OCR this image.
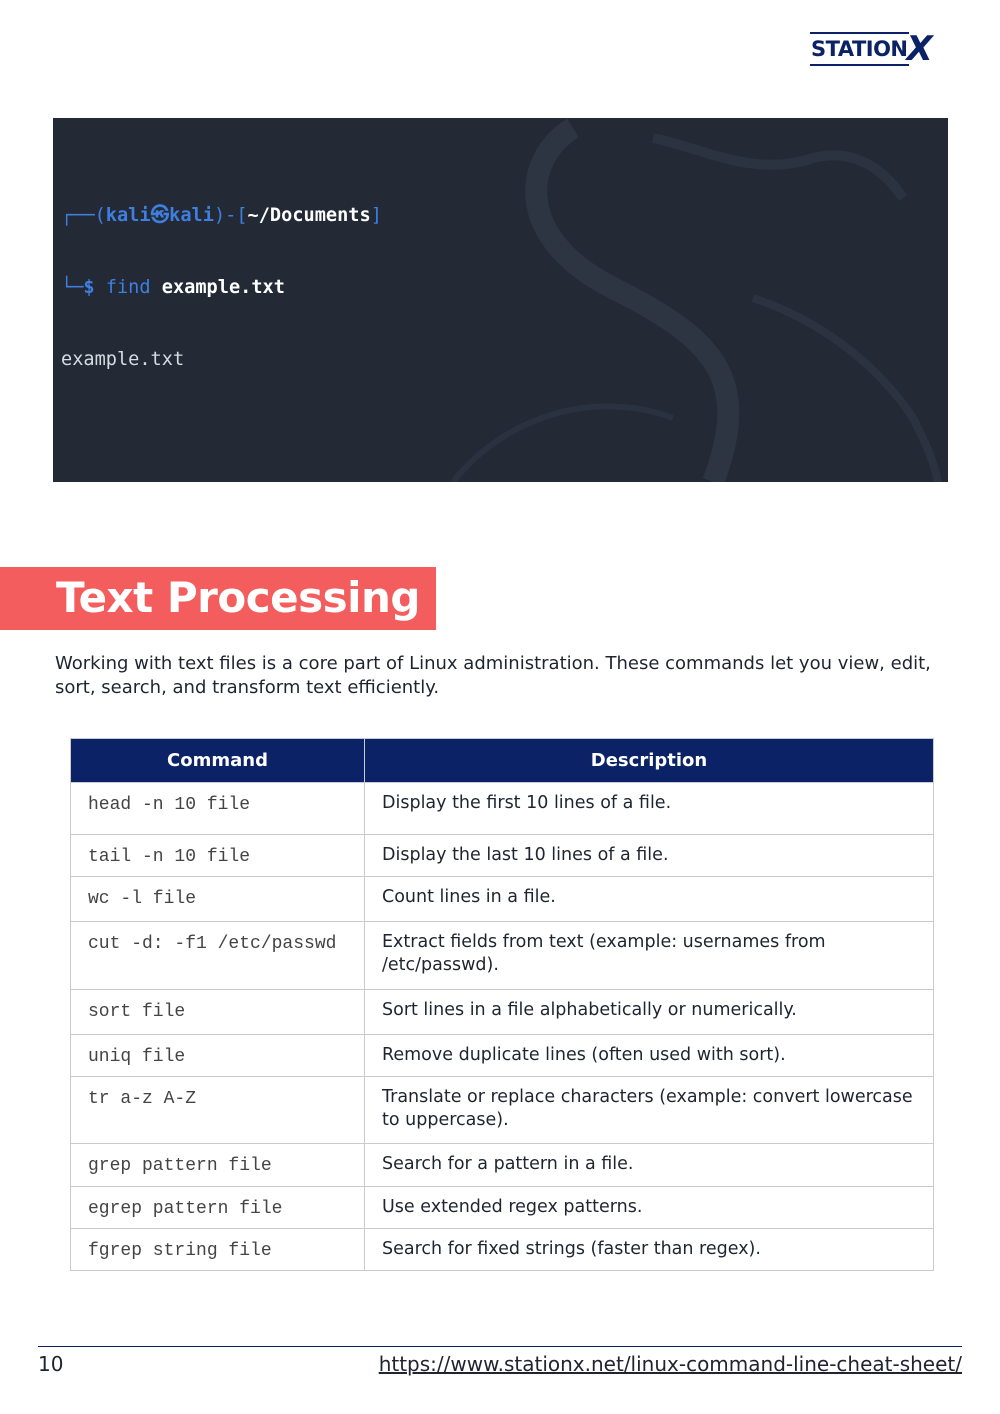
STATION X

┌──(kali㉿kali)-[~/Documents]

└─$ find example.txt

example.txt

Text Processing

Working with text files is a core part of Linux administration. These commands let you view, edit, sort, search, and transform text efficiently.

Command	Description
head -n 10 file	Display the first 10 lines of a file.
tail -n 10 file	Display the last 10 lines of a file.
wc -l file	Count lines in a file.
cut -d: -f1 /etc/passwd	Extract fields from text (example: usernames from /etc/passwd).
sort file	Sort lines in a file alphabetically or numerically.
uniq file	Remove duplicate lines (often used with sort).
tr a-z A-Z	Translate or replace characters (example: convert lowercase to uppercase).
grep pattern file	Search for a pattern in a file.
egrep pattern file	Use extended regex patterns.
fgrep string file	Search for fixed strings (faster than regex).
10	https://www.stationx.net/linux-command-line-cheat-sheet/
